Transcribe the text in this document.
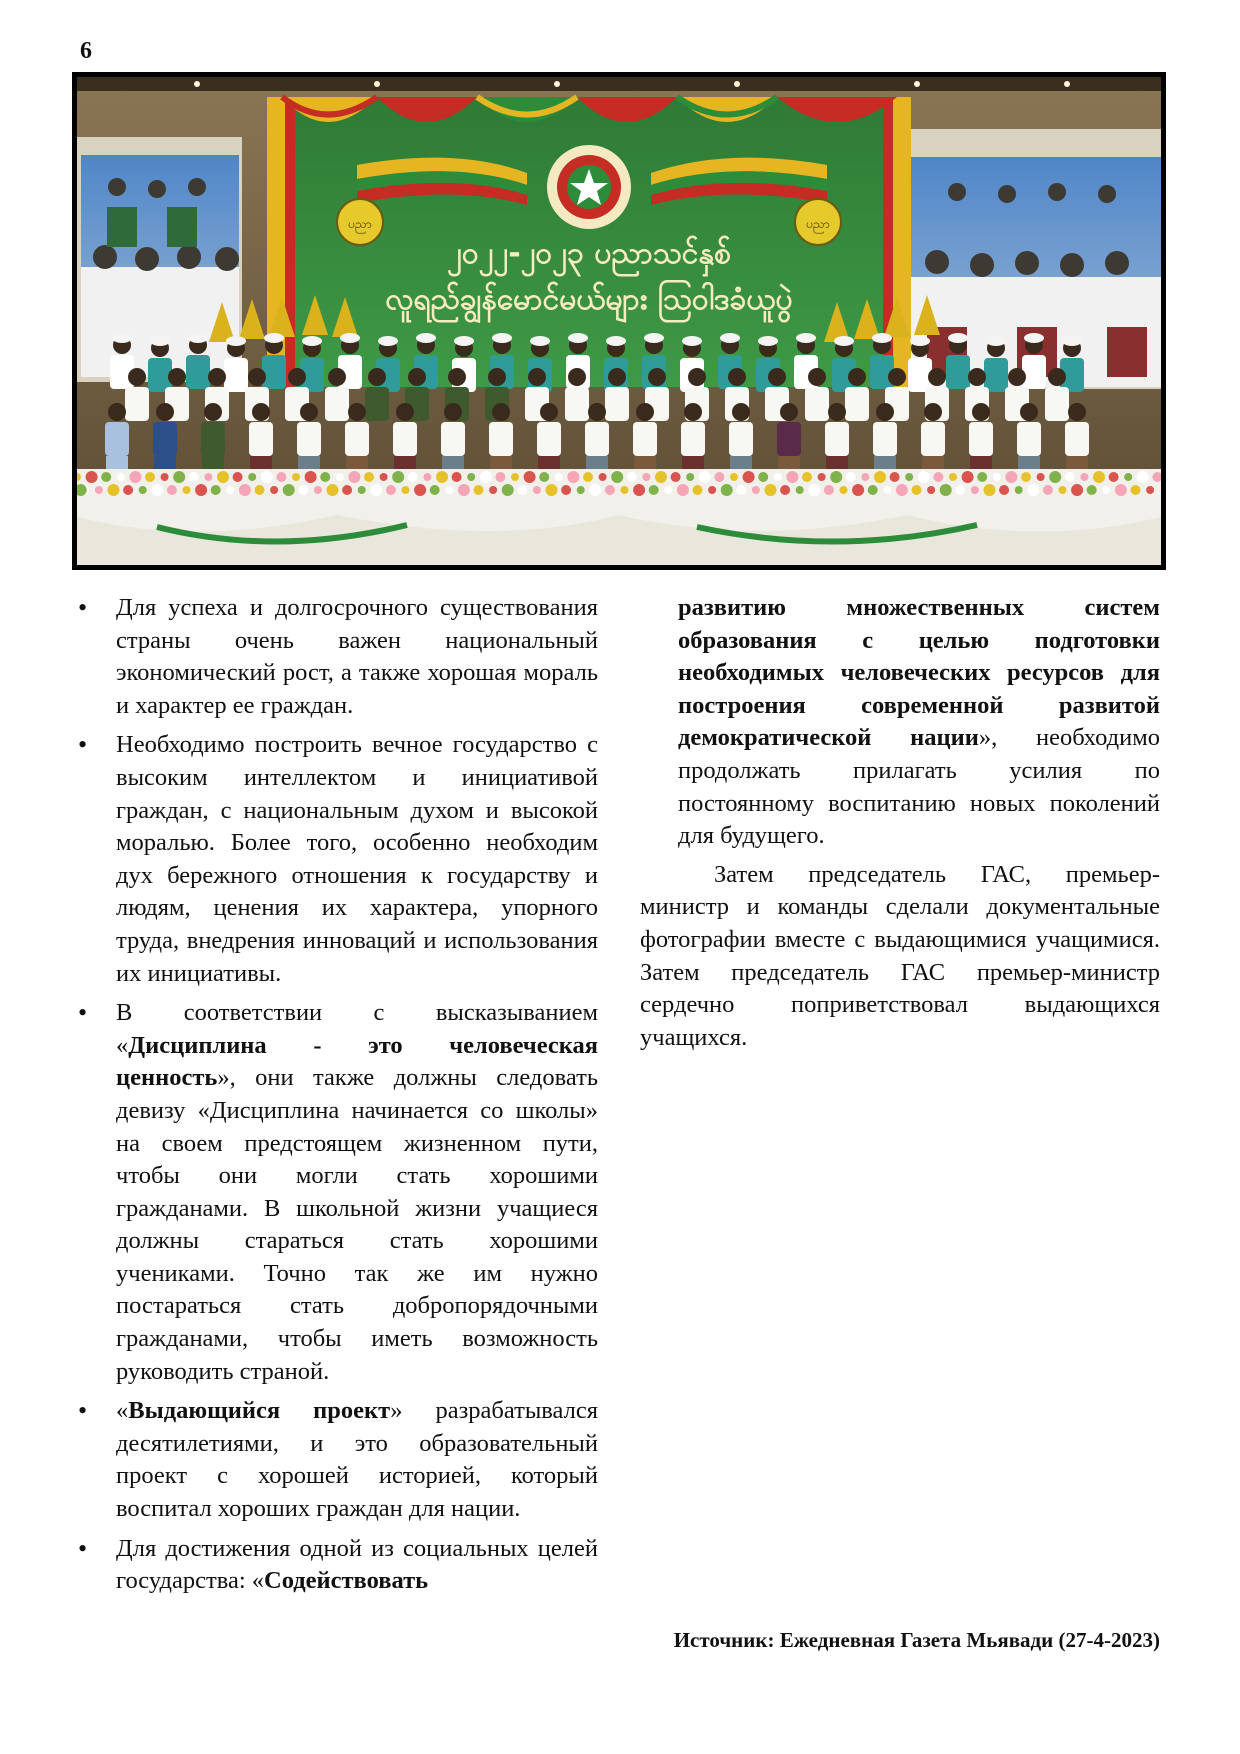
6
ပညာ	ပညာ
၂၀၂၂-၂၀၂၃ ပညာသင်နှစ်
လူရည်ချွန်မောင်မယ်များ ဩဝါဒခံယူပွဲ
• Для успеха и долгосрочного существования страны очень важен национальный экономический рост, а также хорошая мораль и характер ее граждан.
• Необходимо построить вечное государство с высоким интеллектом и инициативой граждан, с национальным духом и высокой моралью. Более того, особенно необходим дух бережного отношения к государству и людям, ценения их характера, упорного труда, внедрения инноваций и использования их инициативы.
• В соответствии с высказыванием «Дисциплина - это человеческая ценность», они также должны следовать девизу «Дисциплина начинается со школы» на своем предстоящем жизненном пути, чтобы они могли стать хорошими гражданами. В школьной жизни учащиеся должны стараться стать хорошими учениками. Точно так же им нужно постараться стать добропорядочными гражданами, чтобы иметь возможность руководить страной.
• «Выдающийся проект» разрабатывался десятилетиями, и это образовательный проект с хорошей историей, который воспитал хороших граждан для нации.
• Для достижения одной из социальных целей государства: «Содействовать

развитию множественных систем образования с целью подготовки необходимых человеческих ресурсов для построения современной развитой демократической нации», необходимо продолжать прилагать усилия по постоянному воспитанию новых поколений для будущего.

Затем председатель ГАС, премьер-министр и команды сделали документальные фотографии вместе с выдающимися учащимися. Затем председатель ГАС премьер-министр сердечно поприветствовал выдающихся учащихся.

Источник: Ежедневная Газета Мьявади (27-4-2023)
